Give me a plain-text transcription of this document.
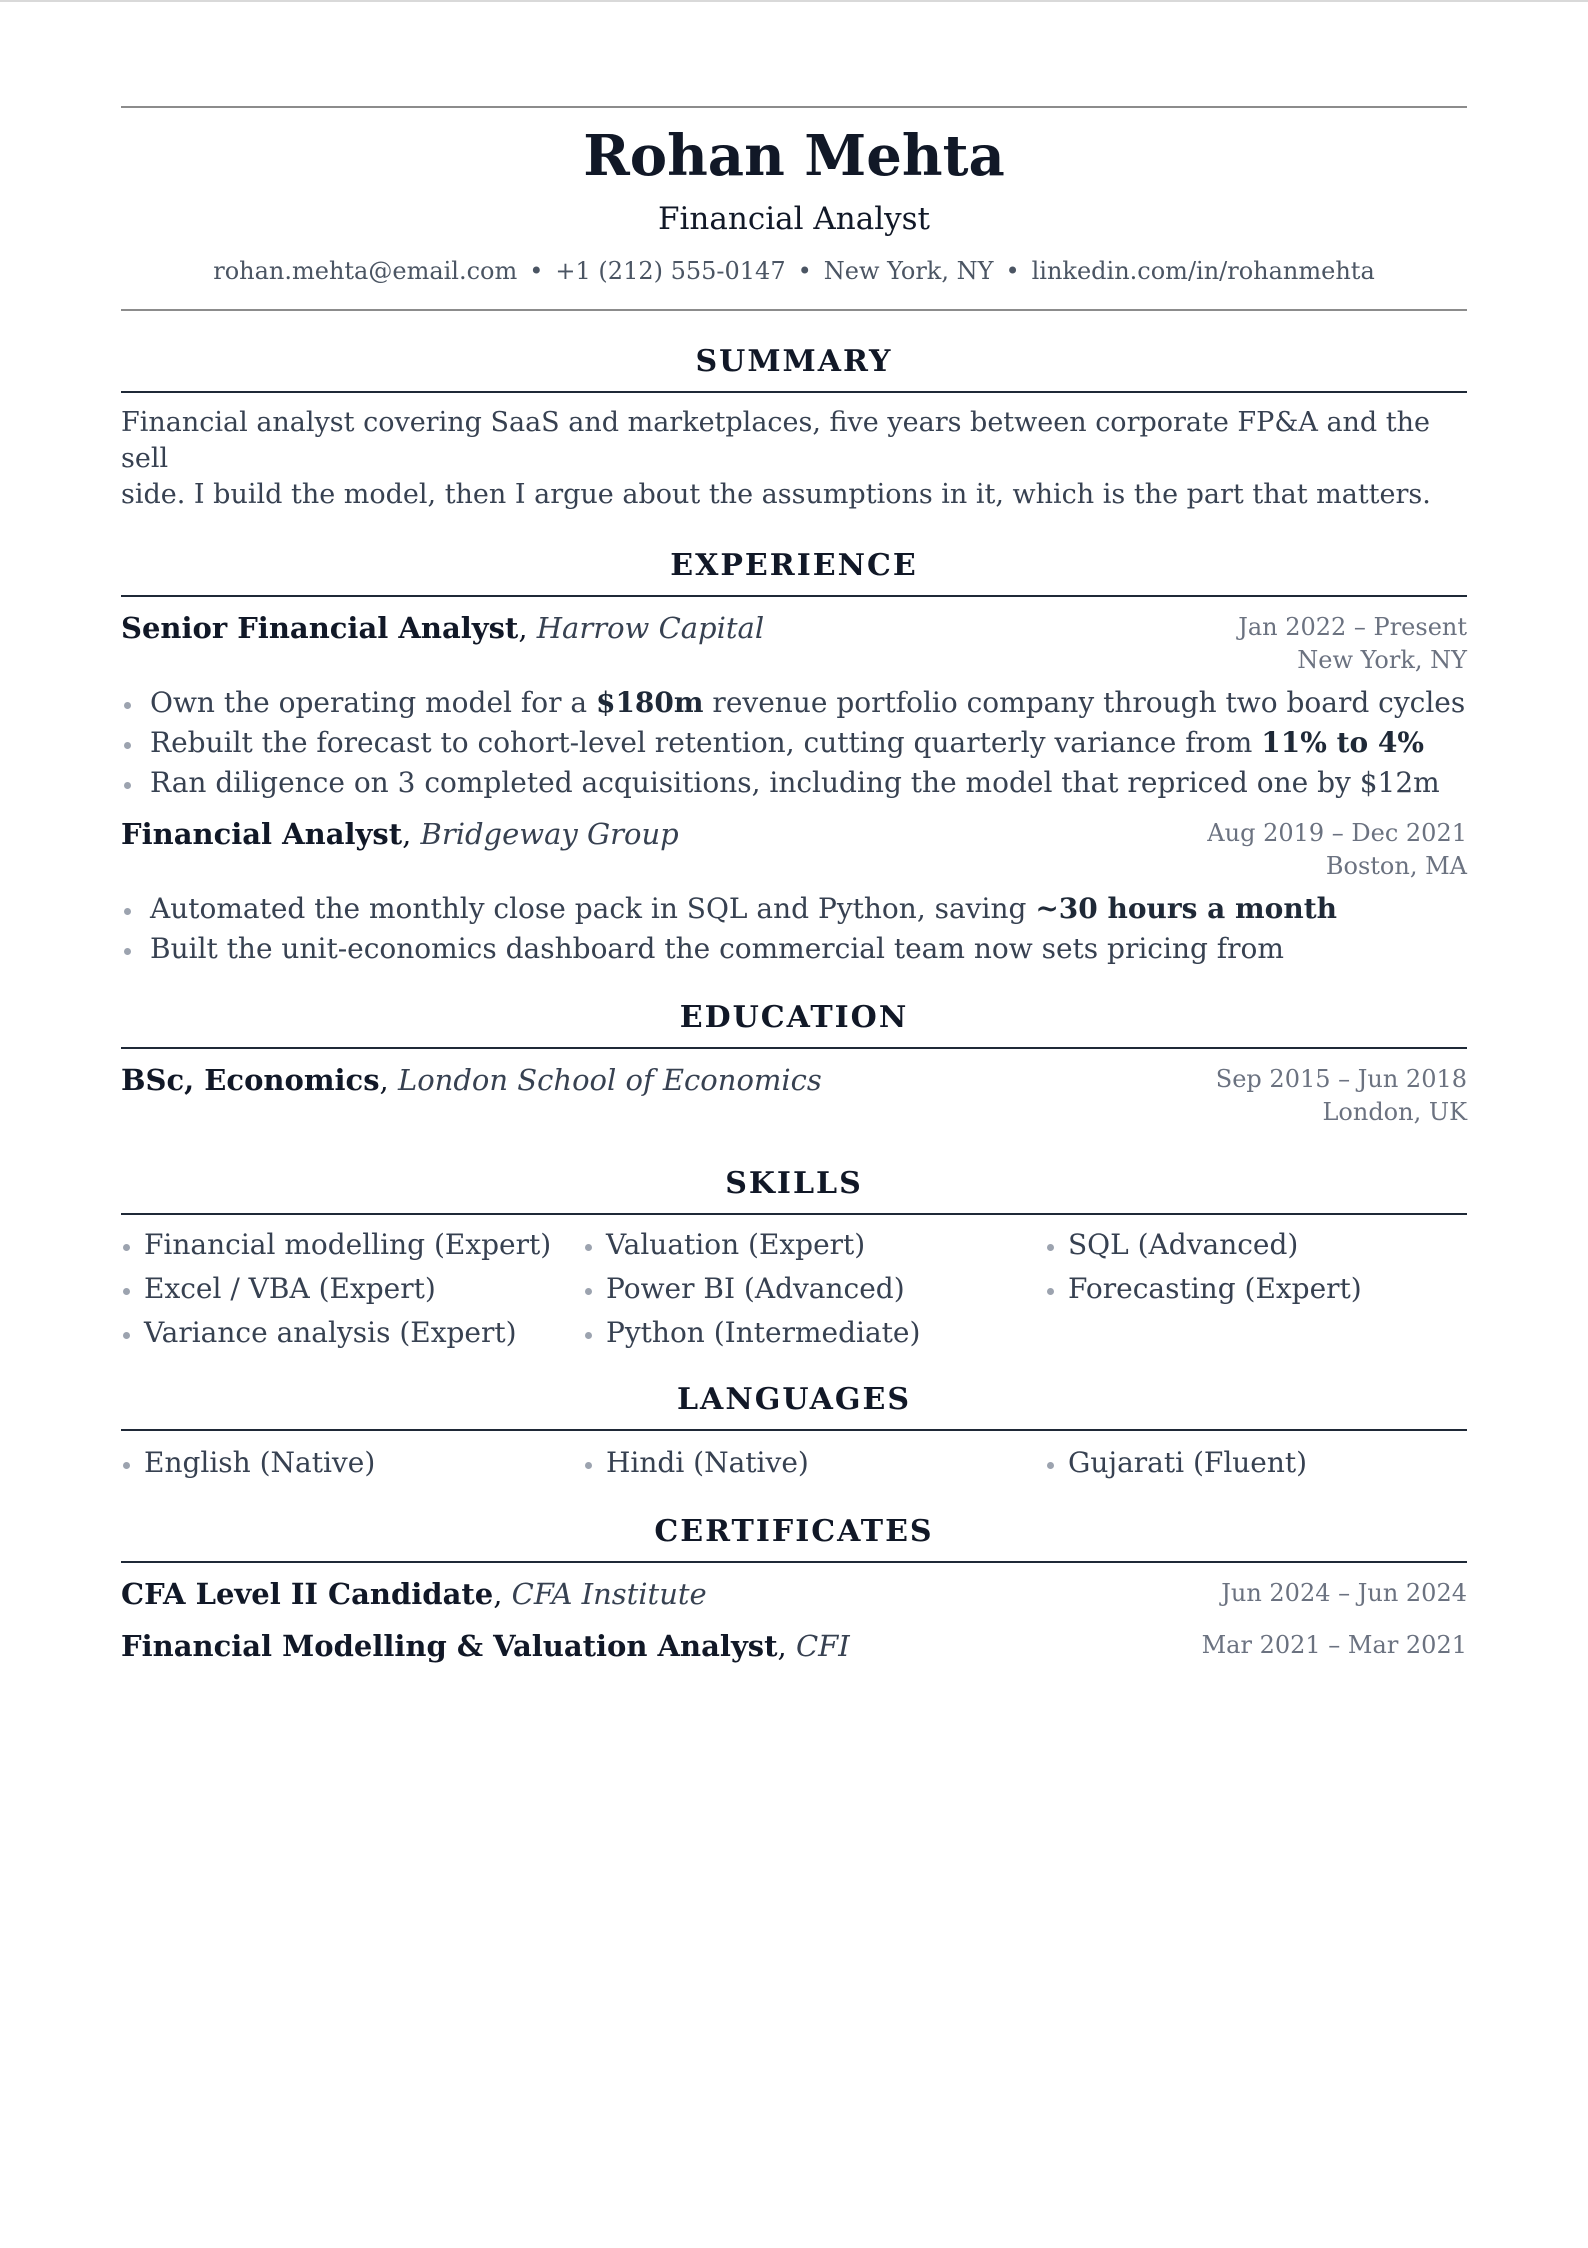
Rohan Mehta
Financial Analyst
rohan.mehta@email.com • +1 (212) 555-0147 • New York, NY • linkedin.com/in/rohanmehta
SUMMARY
Financial analyst covering SaaS and marketplaces, five years between corporate FP&A and the sell
side. I build the model, then I argue about the assumptions in it, which is the part that matters.
EXPERIENCE
Senior Financial Analyst, Harrow Capital	Jan 2022 – Present
New York, NY
Own the operating model for a $180m revenue portfolio company through two board cycles
Rebuilt the forecast to cohort-level retention, cutting quarterly variance from 11% to 4%
Ran diligence on 3 completed acquisitions, including the model that repriced one by $12m
Financial Analyst, Bridgeway Group	Aug 2019 – Dec 2021
Boston, MA
Automated the monthly close pack in SQL and Python, saving ~30 hours a month
Built the unit-economics dashboard the commercial team now sets pricing from
EDUCATION
BSc, Economics, London School of Economics	Sep 2015 – Jun 2018
London, UK
SKILLS
Financial modelling (Expert)	Valuation (Expert)	SQL (Advanced)
Excel / VBA (Expert)	Power BI (Advanced)	Forecasting (Expert)
Variance analysis (Expert)	Python (Intermediate)
LANGUAGES
English (Native)	Hindi (Native)	Gujarati (Fluent)
CERTIFICATES
CFA Level II Candidate, CFA Institute	Jun 2024 – Jun 2024
Financial Modelling & Valuation Analyst, CFI	Mar 2021 – Mar 2021
